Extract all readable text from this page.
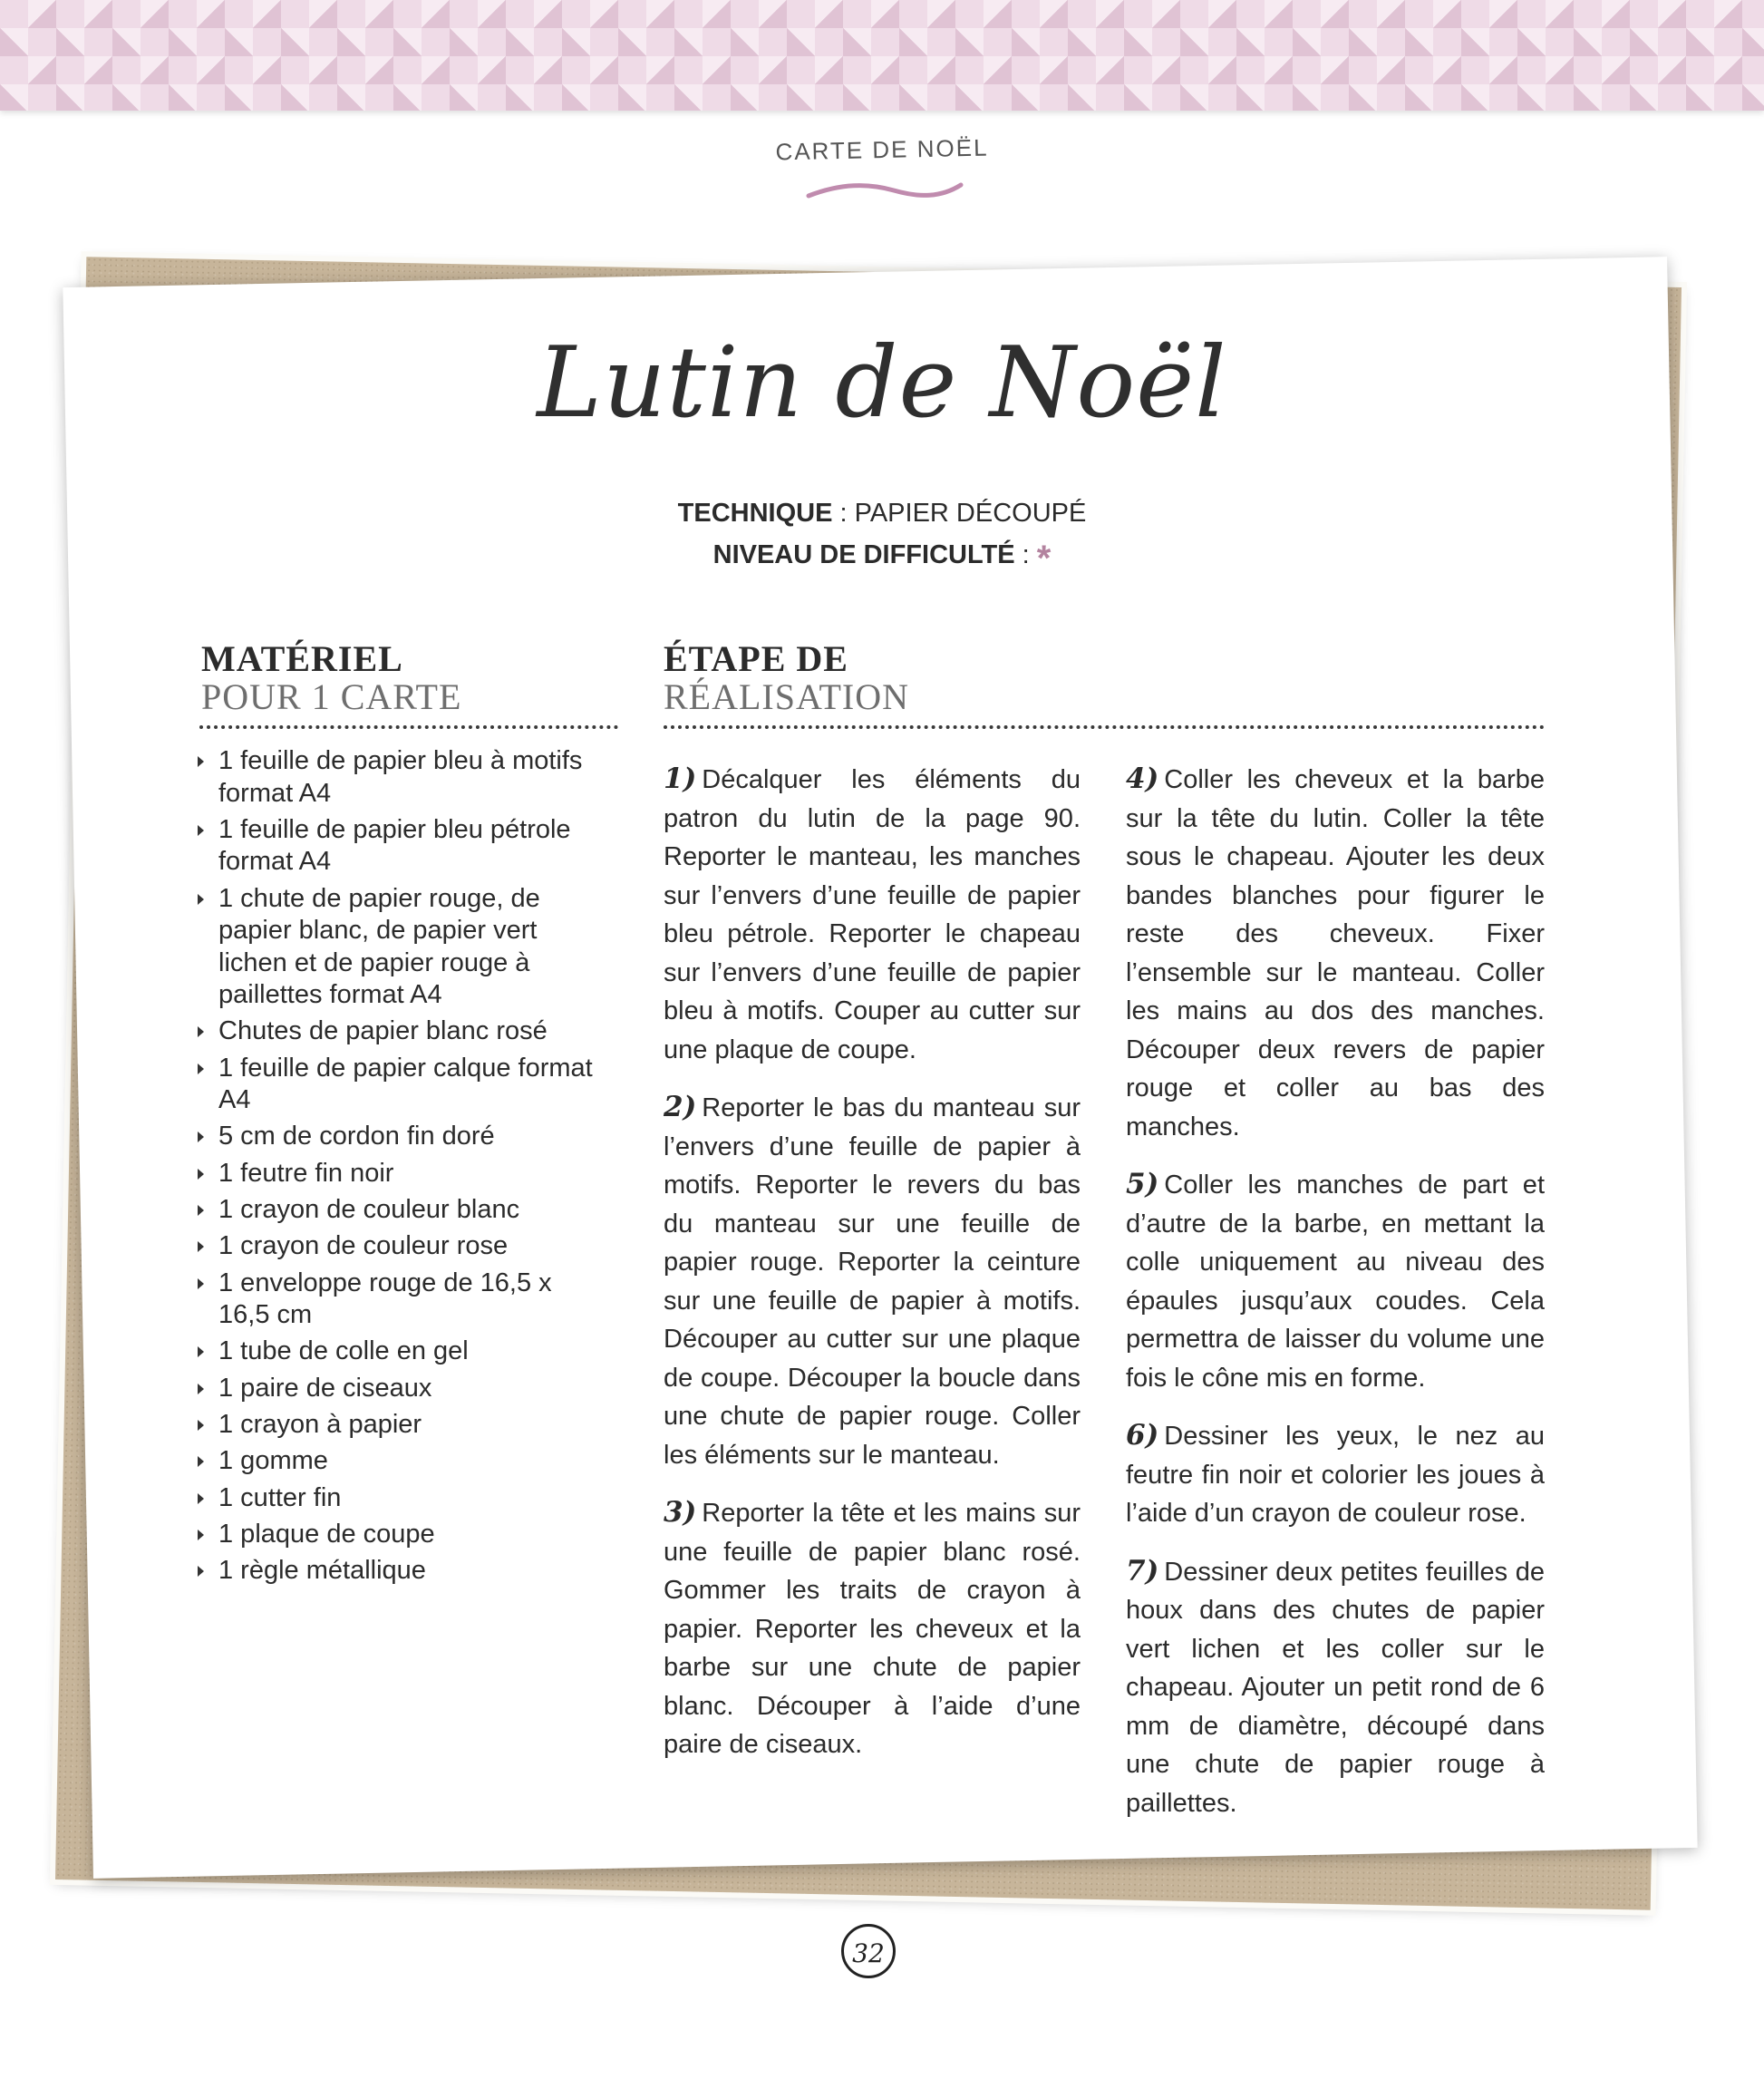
CARTE DE NOËL
Lutin de Noël
TECHNIQUE : PAPIER DÉCOUPÉ
NIVEAU DE DIFFICULTÉ : *
MATÉRIEL
POUR 1 CARTE
1 feuille de papier bleu à motifs format A4
1 feuille de papier bleu pétrole format A4
1 chute de papier rouge, de papier blanc, de papier vert lichen et de papier rouge à paillettes format A4
Chutes de papier blanc rosé
1 feuille de papier calque format A4
5 cm de cordon fin doré
1 feutre fin noir
1 crayon de couleur blanc
1 crayon de couleur rose
1 enveloppe rouge de 16,5 x 16,5 cm
1 tube de colle en gel
1 paire de ciseaux
1 crayon à papier
1 gomme
1 cutter fin
1 plaque de coupe
1 règle métallique
ÉTAPE DE
RÉALISATION

1) Décalquer les éléments du patron du lutin de la page 90. Reporter le manteau, les manches sur l’envers d’une feuille de papier bleu pétrole. Reporter le chapeau sur l’envers d’une feuille de papier bleu à motifs. Couper au cutter sur une plaque de coupe.

2) Reporter le bas du manteau sur l’envers d’une feuille de papier à motifs. Reporter le revers du bas du manteau sur une feuille de papier rouge. Reporter la ceinture sur une feuille de papier à motifs. Découper au cutter sur une plaque de coupe. Découper la boucle dans une chute de papier rouge. Coller les éléments sur le manteau.

3) Reporter la tête et les mains sur une feuille de papier blanc rosé. Gommer les traits de crayon à papier. Reporter les cheveux et la barbe sur une chute de papier blanc. Découper à l’aide d’une paire de ciseaux.

4) Coller les cheveux et la barbe sur la tête du lutin. Coller la tête sous le chapeau. Ajouter les deux bandes blanches pour figurer le reste des cheveux. Fixer l’ensemble sur le manteau. Coller les mains au dos des manches. Découper deux revers de papier rouge et coller au bas des manches.

5) Coller les manches de part et d’autre de la barbe, en mettant la colle uniquement au niveau des épaules jusqu’aux coudes. Cela permettra de laisser du volume une fois le cône mis en forme.

6) Dessiner les yeux, le nez au feutre fin noir et colorier les joues à l’aide d’un crayon de couleur rose.

7) Dessiner deux petites feuilles de houx dans des chutes de papier vert lichen et les coller sur le chapeau. Ajouter un petit rond de 6 mm de diamètre, découpé dans une chute de papier rouge à paillettes.

32
